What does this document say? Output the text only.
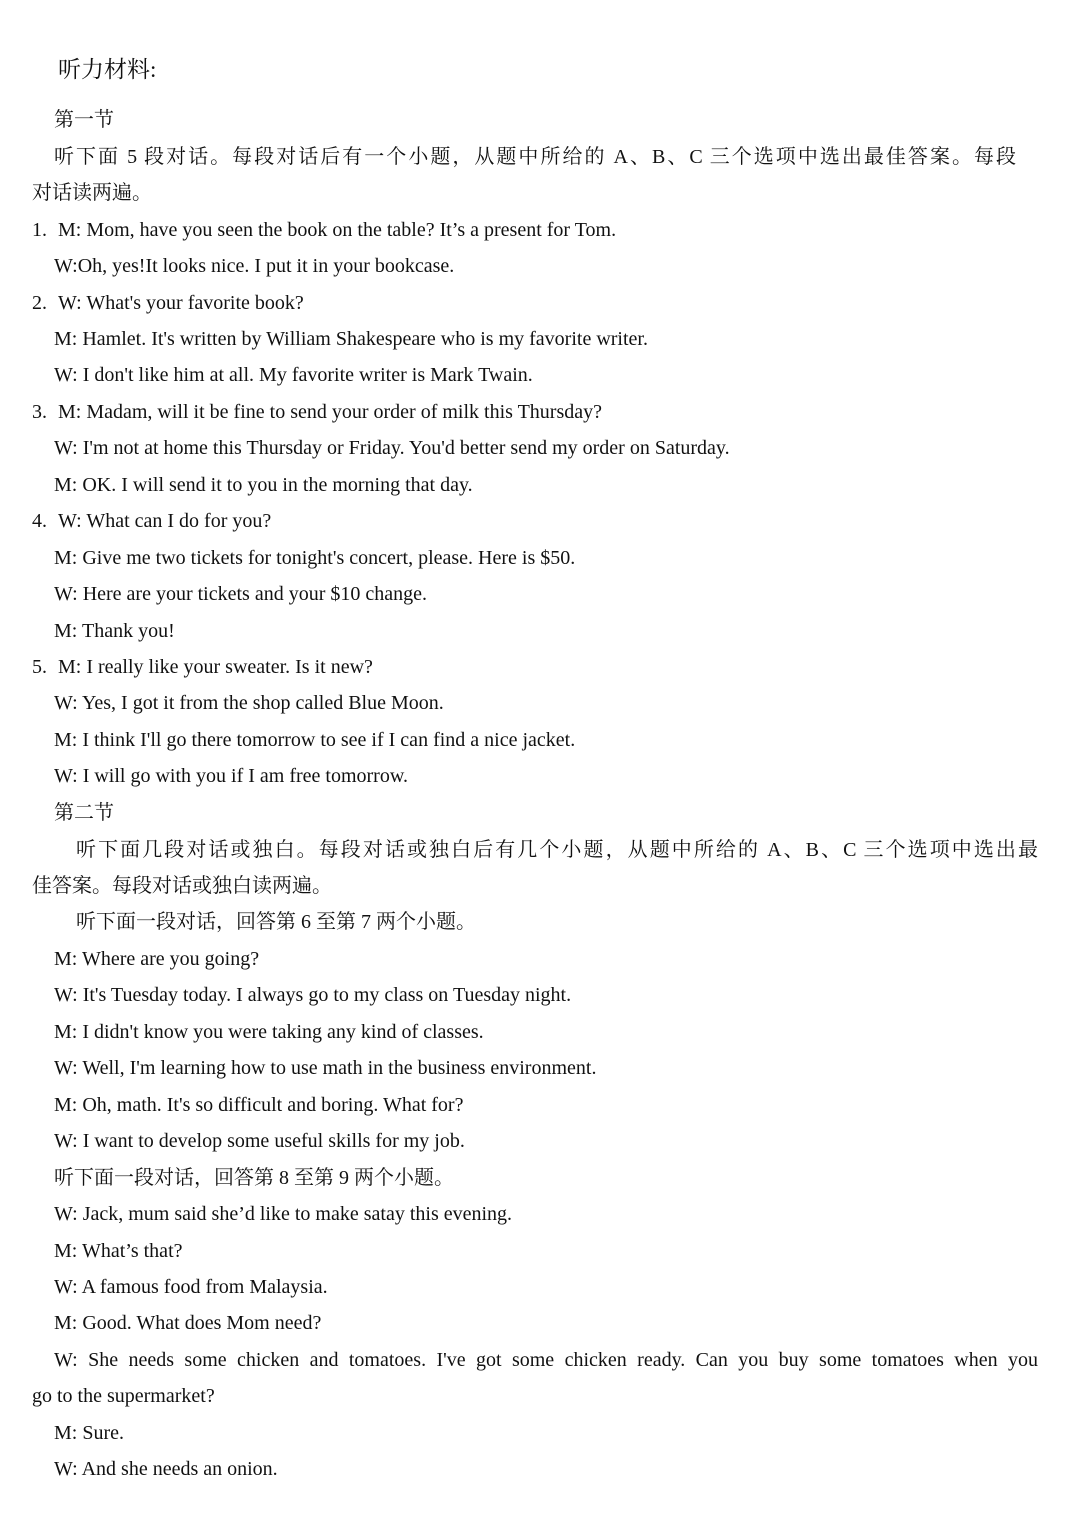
听力材料:
第一节
听下面 5 段对话。每段对话后有一个小题，从题中所给的 A、B、C 三个选项中选出最佳答案。每段
对话读两遍。
1. M: Mom, have you seen the book on the table? It’s a present for Tom.
W:Oh, yes!It looks nice. I put it in your bookcase.
2. W: What's your favorite book?
M: Hamlet. It's written by William Shakespeare who is my favorite writer.
W: I don't like him at all. My favorite writer is Mark Twain.
3. M: Madam, will it be fine to send your order of milk this Thursday?
W: I'm not at home this Thursday or Friday. You'd better send my order on Saturday.
M: OK. I will send it to you in the morning that day.
4. W: What can I do for you?
M: Give me two tickets for tonight's concert, please. Here is $50.
W: Here are your tickets and your $10 change.
M: Thank you!
5. M: I really like your sweater. Is it new?
W: Yes, I got it from the shop called Blue Moon.
M: I think I'll go there tomorrow to see if I can find a nice jacket.
W: I will go with you if I am free tomorrow.
第二节
听下面几段对话或独白。每段对话或独白后有几个小题，从题中所给的 A、B、C 三个选项中选出最
佳答案。每段对话或独白读两遍。
听下面一段对话，回答第 6 至第 7 两个小题。
M: Where are you going?
W: It's Tuesday today. I always go to my class on Tuesday night.
M: I didn't know you were taking any kind of classes.
W: Well, I'm learning how to use math in the business environment.
M: Oh, math. It's so difficult and boring. What for?
W: I want to develop some useful skills for my job.
听下面一段对话，回答第 8 至第 9 两个小题。
W: Jack, mum said she’d like to make satay this evening.
M: What’s that?
W: A famous food from Malaysia.
M: Good. What does Mom need?
W: She needs some chicken and tomatoes. I've got some chicken ready. Can you buy some tomatoes when you
go to the supermarket?
M: Sure.
W: And she needs an onion.
